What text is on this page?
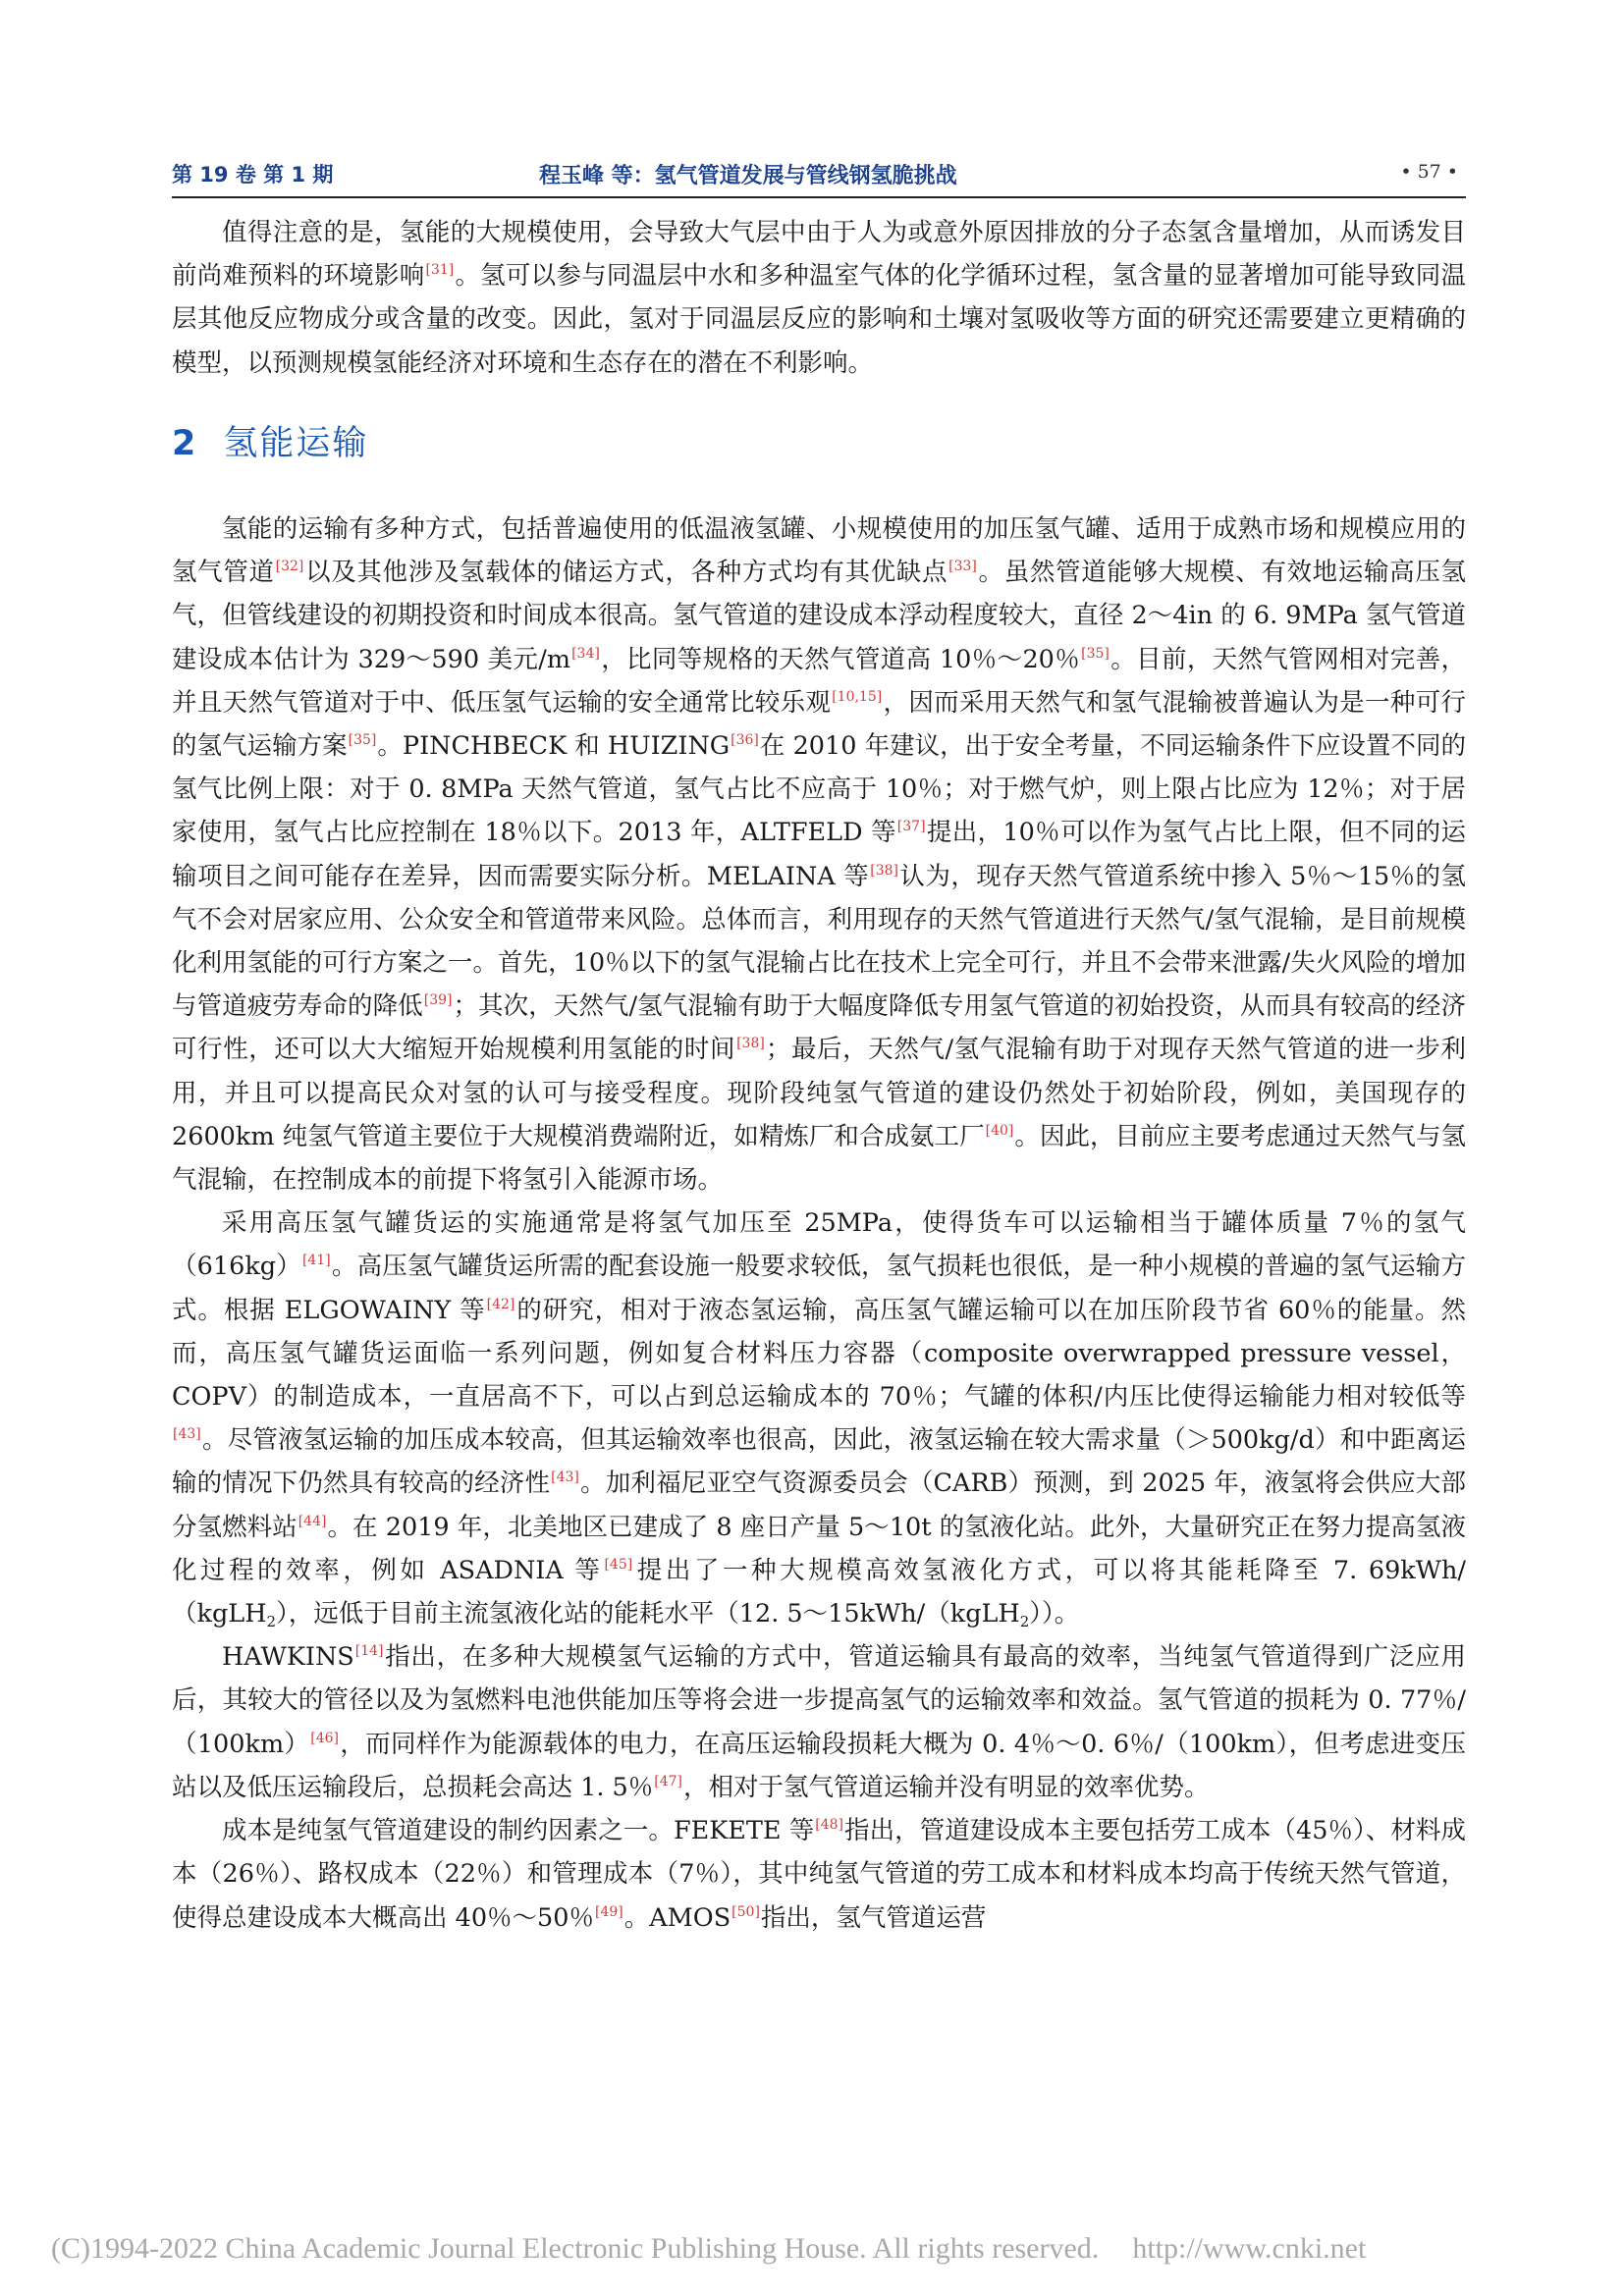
第 19 卷 第 1 期	程玉峰 等：氢气管道发展与管线钢氢脆挑战	• 57 •

值得注意的是，氢能的大规模使用，会导致大气层中由于人为或意外原因排放的分子态氢含量增加，从而诱发目前尚难预料的环境影响[31]。氢可以参与同温层中水和多种温室气体的化学循环过程，氢含量的显著增加可能导致同温层其他反应物成分或含量的改变。因此，氢对于同温层反应的影响和土壤对氢吸收等方面的研究还需要建立更精确的模型，以预测规模氢能经济对环境和生态存在的潜在不利影响。

2 氢能运输

氢能的运输有多种方式，包括普遍使用的低温液氢罐、小规模使用的加压氢气罐、适用于成熟市场和规模应用的氢气管道[32]以及其他涉及氢载体的储运方式，各种方式均有其优缺点[33]。虽然管道能够大规模、有效地运输高压氢气，但管线建设的初期投资和时间成本很高。氢气管道的建设成本浮动程度较大，直径 2～4in 的 6. 9MPa 氢气管道建设成本估计为 329～590 美元/m[34]，比同等规格的天然气管道高 10％～20％[35]。目前，天然气管网相对完善，并且天然气管道对于中、低压氢气运输的安全通常比较乐观[10,15]，因而采用天然气和氢气混输被普遍认为是一种可行的氢气运输方案[35]。PINCHBECK 和 HUIZING[36]在 2010 年建议，出于安全考量，不同运输条件下应设置不同的氢气比例上限：对于 0. 8MPa 天然气管道，氢气占比不应高于 10％；对于燃气炉，则上限占比应为 12％；对于居家使用，氢气占比应控制在 18％以下。2013 年，ALTFELD 等[37]提出，10％可以作为氢气占比上限，但不同的运输项目之间可能存在差异，因而需要实际分析。MELAINA 等[38]认为，现存天然气管道系统中掺入 5％～15％的氢气不会对居家应用、公众安全和管道带来风险。总体而言，利用现存的天然气管道进行天然气/氢气混输，是目前规模化利用氢能的可行方案之一。首先，10％以下的氢气混输占比在技术上完全可行，并且不会带来泄露/失火风险的增加与管道疲劳寿命的降低[39]；其次，天然气/氢气混输有助于大幅度降低专用氢气管道的初始投资，从而具有较高的经济可行性，还可以大大缩短开始规模利用氢能的时间[38]；最后，天然气/氢气混输有助于对现存天然气管道的进一步利用，并且可以提高民众对氢的认可与接受程度。现阶段纯氢气管道的建设仍然处于初始阶段，例如，美国现存的 2600km 纯氢气管道主要位于大规模消费端附近，如精炼厂和合成氨工厂[40]。因此，目前应主要考虑通过天然气与氢气混输，在控制成本的前提下将氢引入能源市场。

采用高压氢气罐货运的实施通常是将氢气加压至 25MPa，使得货车可以运输相当于罐体质量 7％的氢气（616kg）[41]。高压氢气罐货运所需的配套设施一般要求较低，氢气损耗也很低，是一种小规模的普遍的氢气运输方式。根据 ELGOWAINY 等[42]的研究，相对于液态氢运输，高压氢气罐运输可以在加压阶段节省 60％的能量。然而，高压氢气罐货运面临一系列问题，例如复合材料压力容器（composite overwrapped pressure vessel，COPV）的制造成本，一直居高不下，可以占到总运输成本的 70％；气罐的体积/内压比使得运输能力相对较低等[43]。尽管液氢运输的加压成本较高，但其运输效率也很高，因此，液氢运输在较大需求量（＞500kg/d）和中距离运输的情况下仍然具有较高的经济性[43]。加利福尼亚空气资源委员会（CARB）预测，到 2025 年，液氢将会供应大部分氢燃料站[44]。在 2019 年，北美地区已建成了 8 座日产量 5～10t 的氢液化站。此外，大量研究正在努力提高氢液化过程的效率，例如 ASADNIA 等[45]提出了一种大规模高效氢液化方式，可以将其能耗降至 7. 69kWh/（kgLH$_2$），远低于目前主流氢液化站的能耗水平（12. 5～15kWh/（kgLH$_2$））。

HAWKINS[14]指出，在多种大规模氢气运输的方式中，管道运输具有最高的效率，当纯氢气管道得到广泛应用后，其较大的管径以及为氢燃料电池供能加压等将会进一步提高氢气的运输效率和效益。氢气管道的损耗为 0. 77％/（100km）[46]，而同样作为能源载体的电力，在高压运输段损耗大概为 0. 4％～0. 6％/（100km），但考虑进变压站以及低压运输段后，总损耗会高达 1. 5％[47]，相对于氢气管道运输并没有明显的效率优势。

成本是纯氢气管道建设的制约因素之一。FEKETE 等[48]指出，管道建设成本主要包括劳工成本（45％）、材料成本（26％）、路权成本（22％）和管理成本（7％），其中纯氢气管道的劳工成本和材料成本均高于传统天然气管道，使得总建设成本大概高出 40％～50％[49]。AMOS[50]指出，氢气管道运营

(C)1994-2022 China Academic Journal Electronic Publishing House. All rights reserved. http://www.cnki.net
